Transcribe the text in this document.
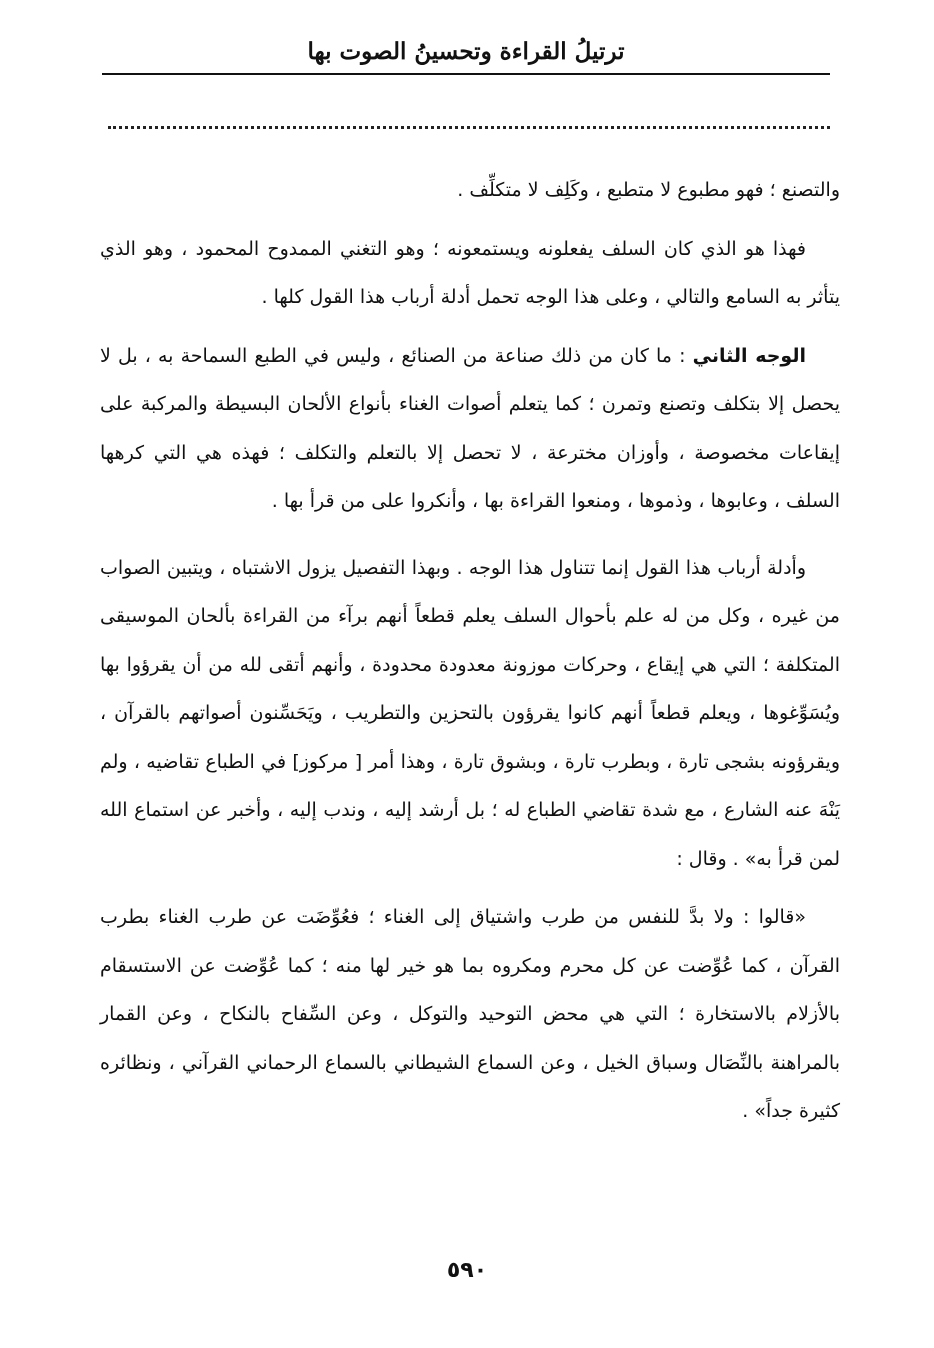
ترتيلُ القراءة وتحسينُ الصوت بها

والتصنع ؛ فهو مطبوع لا متطبع ، وكَلِف لا متكلِّف .

فهذا هو الذي كان السلف يفعلونه ويستمعونه ؛ وهو التغني الممدوح المحمود ، وهو الذي يتأثر به السامع والتالي ، وعلى هذا الوجه تحمل أدلة أرباب هذا القول كلها .

الوجه الثاني : ما كان من ذلك صناعة من الصنائع ، وليس في الطبع السماحة به ، بل لا يحصل إلا بتكلف وتصنع وتمرن ؛ كما يتعلم أصوات الغناء بأنواع الألحان البسيطة والمركبة على إيقاعات مخصوصة ، وأوزان مخترعة ، لا تحصل إلا بالتعلم والتكلف ؛ فهذه هي التي كرهها السلف ، وعابوها ، وذموها ، ومنعوا القراءة بها ، وأنكروا على من قرأ بها .

وأدلة أرباب هذا القول إنما تتناول هذا الوجه . وبهذا التفصيل يزول الاشتباه ، ويتبين الصواب من غيره ، وكل من له علم بأحوال السلف يعلم قطعاً أنهم برآء من القراءة بألحان الموسيقى المتكلفة ؛ التي هي إيقاع ، وحركات موزونة معدودة محدودة ، وأنهم أتقى لله من أن يقرؤوا بها ويُسَوِّغوها ، ويعلم قطعاً أنهم كانوا يقرؤون بالتحزين والتطريب ، ويَحَسِّنون أصواتهم بالقرآن ، ويقرؤونه بشجى تارة ، وبطرب تارة ، وبشوق تارة ، وهذا أمر [ مركوز] في الطباع تقاضيه ، ولم يَنْهَ عنه الشارع ، مع شدة تقاضي الطباع له ؛ بل أرشد إليه ، وندب إليه ، وأخبر عن استماع الله لمن قرأ به» . وقال :

«قالوا : ولا بدَّ للنفس من طرب واشتياق إلى الغناء ؛ فعُوِّضَت عن طرب الغناء بطرب القرآن ، كما عُوِّضت عن كل محرم ومكروه بما هو خير لها منه ؛ كما عُوِّضت عن الاستسقام بالأزلام بالاستخارة ؛ التي هي محض التوحيد والتوكل ، وعن السِّفاح بالنكاح ، وعن القمار بالمراهنة بالنِّصَال وسباق الخيل ، وعن السماع الشيطاني بالسماع الرحماني القرآني ، ونظائره كثيرة جداً» .

٥٩٠
